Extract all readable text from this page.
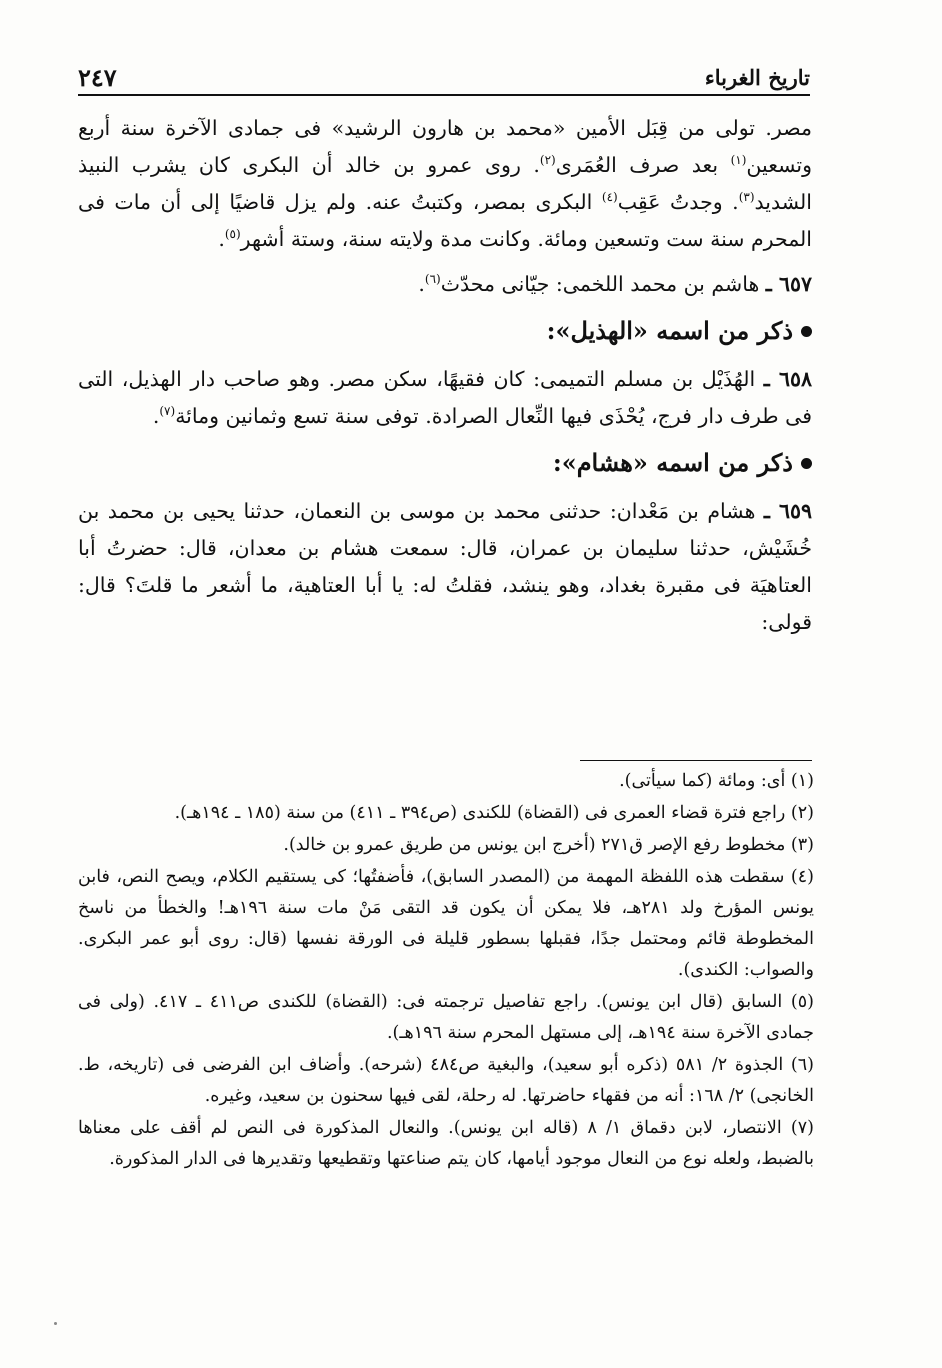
تاريخ الغرباء
٢٤٧

مصر. تولى من قِبَل الأمين «محمد بن هارون الرشيد» فى جمادى الآخرة سنة أربع وتسعين$^{(١)}$ بعد صرف العُمَرى$^{(٢)}$. روى عمرو بن خالد أن البكرى كان يشرب النبيذ الشديد$^{(٣)}$. وجدتُ عَقِب$^{(٤)}$ البكرى بمصر، وكتبتُ عنه. ولم يزل قاضيًا إلى أن مات فى المحرم سنة ست وتسعين ومائة. وكانت مدة ولايته سنة، وستة أشهر$^{(٥)}$.

٦٥٧ ـ هاشم بن محمد اللخمى: جيّانى محدّث$^{(٦)}$.

ذكر من اسمه «الهذيل»:

٦٥٨ ـ الهُذَيْل بن مسلم التميمى: كان فقيهًا، سكن مصر. وهو صاحب دار الهذيل، التى فى طرف دار فرج، يُحْذَى فيها النِّعال الصرادة. توفى سنة تسع وثمانين ومائة$^{(٧)}$.

ذكر من اسمه «هشام»:

٦٥٩ ـ هشام بن مَعْدان: حدثنى محمد بن موسى بن النعمان، حدثنا يحيى بن محمد بن خُشَيْش، حدثنا سليمان بن عمران، قال: سمعت هشام بن معدان، قال: حضرتُ أبا العتاهيَة فى مقبرة بغداد، وهو ينشد، فقلتُ له: يا أبا العتاهية، ما أشعر ما قلتَ؟ قال: قولى:

(١) أى: ومائة (كما سيأتى).

(٢) راجع فترة قضاء العمرى فى (القضاة) للكندى (ص٣٩٤ ـ ٤١١) من سنة (١٨٥ ـ ١٩٤هـ).

(٣) مخطوط رفع الإصر ق٢٧١ (أخرج ابن يونس من طريق عمرو بن خالد).

(٤) سقطت هذه اللفظة المهمة من (المصدر السابق)، فأضفتُها؛ كى يستقيم الكلام، ويصح النص، فابن يونس المؤرخ ولد ٢٨١هـ، فلا يمكن أن يكون قد التقى مَنْ مات سنة ١٩٦هـ! والخطأ من ناسخ المخطوطة قائم ومحتمل جدًا، فقبلها بسطور قليلة فى الورقة نفسها (قال: روى أبو عمر البكرى. والصواب: الكندى).

(٥) السابق (قال ابن يونس). راجع تفاصيل ترجمته فى: (القضاة) للكندى ص٤١١ ـ ٤١٧. (ولى فى جمادى الآخرة سنة ١٩٤هـ، إلى مستهل المحرم سنة ١٩٦هـ).

(٦) الجذوة ٢/ ٥٨١ (ذكره أبو سعيد)، والبغية ص٤٨٤ (شرحه). وأضاف ابن الفرضى فى (تاريخه، ط. الخانجى) ٢/ ١٦٨: أنه من فقهاء حاضرتها. له رحلة، لقى فيها سحنون بن سعيد، وغيره.

(٧) الانتصار، لابن دقماق ١/ ٨ (قاله ابن يونس). والنعال المذكورة فى النص لم أقف على معناها بالضبط، ولعله نوع من النعال موجود أيامها، كان يتم صناعتها وتقطيعها وتقديرها فى الدار المذكورة.
